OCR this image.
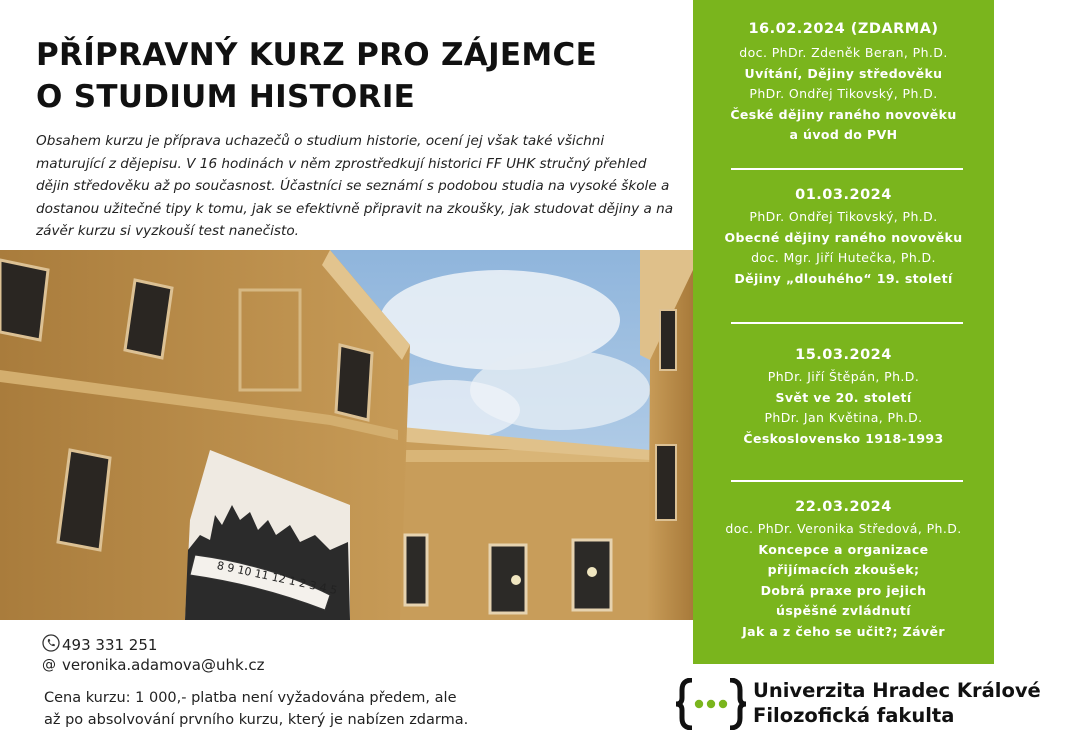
PŘÍPRAVNÝ KURZ PRO ZÁJEMCE
O STUDIUM HISTORIE

Obsahem kurzu je příprava uchazečů o studium historie, ocení jej však také všichni maturující z dějepisu. V 16 hodinách v něm zprostředkují historici FF UHK stručný přehled dějin středověku až po současnost. Účastníci se seznámí s podobou studia na vysoké škole a dostanou užitečné tipy k tomu, jak se efektivně připravit na zkoušky, jak studovat dějiny a na závěr kurzu si vyzkouší test nanečisto.

8 9 10 11 12 1 2 3 4 5
16.02.2024 (ZDARMA)
doc. PhDr. Zdeněk Beran, Ph.D.
Uvítání, Dějiny středověku
PhDr. Ondřej Tikovský, Ph.D.
České dějiny raného novověku
a úvod do PVH
01.03.2024
PhDr. Ondřej Tikovský, Ph.D.
Obecné dějiny raného novověku
doc. Mgr. Jiří Hutečka, Ph.D.
Dějiny „dlouhého“ 19. století
15.03.2024
PhDr. Jiří Štěpán, Ph.D.
Svět ve 20. století
PhDr. Jan Květina, Ph.D.
Československo 1918-1993
22.03.2024
doc. PhDr. Veronika Středová, Ph.D.
Koncepce a organizace
přijímacích zkoušek;
Dobrá praxe pro jejich
úspěšné zvládnutí
Jak a z čeho se učit?; Závěr
493 331 251
@ veronika.adamova@uhk.cz

Cena kurzu: 1 000,- platba není vyžadována předem, ale
až po absolvování prvního kurzu, který je nabízen zdarma.

Univerzita Hradec Králové
Filozofická fakulta
